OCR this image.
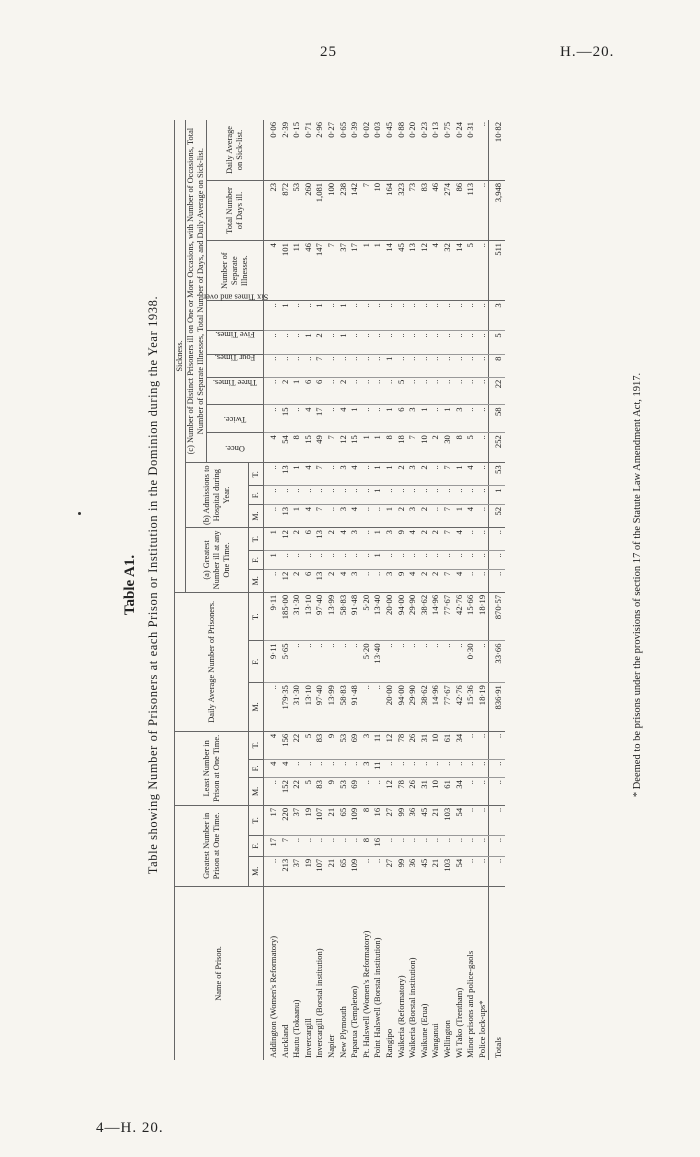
25	H.—20.
4—H. 20.
Table A1. Table showing Number of Prisoners at each Prison or Institution in the Dominion during the Year 1938.
Name of Prison.	Greatest Number in Prison at One Time.			Least Number in Prison at One Time.			Daily Average Number of Prisoners.			Sickness.														
										(a) Greatest Number ill at any One Time.			(b) Admissions to Hospital during Year.			(c) Number of Distinct Prisoners ill on One or More Occasions, with Number of Occasions, Total Number of Separate Illnesses, Total Number of Days, and Daily Average on Sick-list.								
																Once.	Twice.	Three Times.	Four Times.	Five Times.	Six Times and over.	Number of Separate Illnesses.	Total Number of Days ill.	Daily Average on Sick-list.
	M.	F.	T.	M.	F.	T.	M.	F.	T.	M.	F.	T.	M.	F.	T.									
Addington (Women's Reformatory)	..	17	17	..	4	4	..	9·11	9·11	..	1	1	..	..	..	4	..	..	..	..	..	4	23	0·06
Auckland	213	7	220	152	4	156	179·35	5·65	185·00	12	..	12	13	..	13	54	15	2	..	..	1	101	872	2·39
Hautu (Tokaanu)	37	..	37	22	..	22	31·30	..	31·30	2	..	2	1	..	1	8	..	1	..	..	..	11	53	0·15
Invercargill	19	..	19	5	..	5	13·10	..	13·10	6	..	6	4	..	4	15	4	6	..	1	..	46	260	0·71
Invercargill (Borstal institution)	107	..	107	83	..	83	97·40	..	97·40	13	..	13	7	..	7	49	17	6	7	2	1	147	1,081	2·96
Napier	21	..	21	9	..	9	13·99	..	13·99	2	..	2	..	..	..	7	..	..	..	..	..	7	100	0·27
New Plymouth	65	..	65	53	..	53	58·83	..	58·83	4	..	4	3	..	3	12	4	2	..	1	1	37	238	0·65
Paparua (Templeton)	109	..	109	69	..	69	91·48	..	91·48	3	..	3	4	..	4	15	1	..	..	..	..	17	142	0·39
Pt. Halswell (Women's Reformatory)	..	8	8	..	3	3	..	5·20	5·20	..	..	..	..	..	..	1	..	..	..	..	..	1	7	0·02
Point Halswell (Borstal institution)	..	16	16	..	11	11	..	13·40	13·40	..	1	1	..	1	1	1	..	..	..	..	..	1	10	0·03
Rangipo	27	..	27	12	..	12	20·00	..	20·00	3	..	3	1	..	1	8	1	..	1	..	..	14	164	0·45
Waikeria (Reformatory)	99	..	99	78	..	78	94·00	..	94·00	9	..	9	2	..	2	18	6	5	..	..	..	45	323	0·88
Waikeria (Borstal institution)	36	..	36	26	..	26	29·90	..	29·90	4	..	4	3	..	3	7	3	..	..	..	..	13	73	0·20
Waikune (Erua)	45	..	45	31	..	31	38·62	..	38·62	2	..	2	2	..	2	10	1	..	..	..	..	12	83	0·23
Wanganui	21	..	21	10	..	10	14·96	..	14·96	2	..	2	..	..	..	2	..	..	..	..	..	4	46	0·13
Wellington	103	..	103	61	..	61	77·67	..	77·67	7	..	7	7	..	7	30	1	..	..	..	..	32	274	0·75
Wi Tako (Trentham)	54	..	54	34	..	34	42·76	..	42·76	4	..	4	1	..	1	8	3	..	..	..	..	14	86	0·24
Minor prisons and police-gaols	..	..	..	..	..	..	15·36	0·30	15·66	..	..	..	4	..	4	5	..	..	..	..	..	5	113	0·31
Police lock-ups*	..	..	..	..	..	..	18·19	..	18·19	..	..	..	..	..	..	..	..	..	..	..	..	..	..	..
Totals	..	..	..	..	..	..	836·91	33·66	870·57	..	..	..	52	1	53	252	58	22	8	5	3	511	3,948	10·82
* Deemed to be prisons under the provisions of section 17 of the Statute Law Amendment Act, 1917.
